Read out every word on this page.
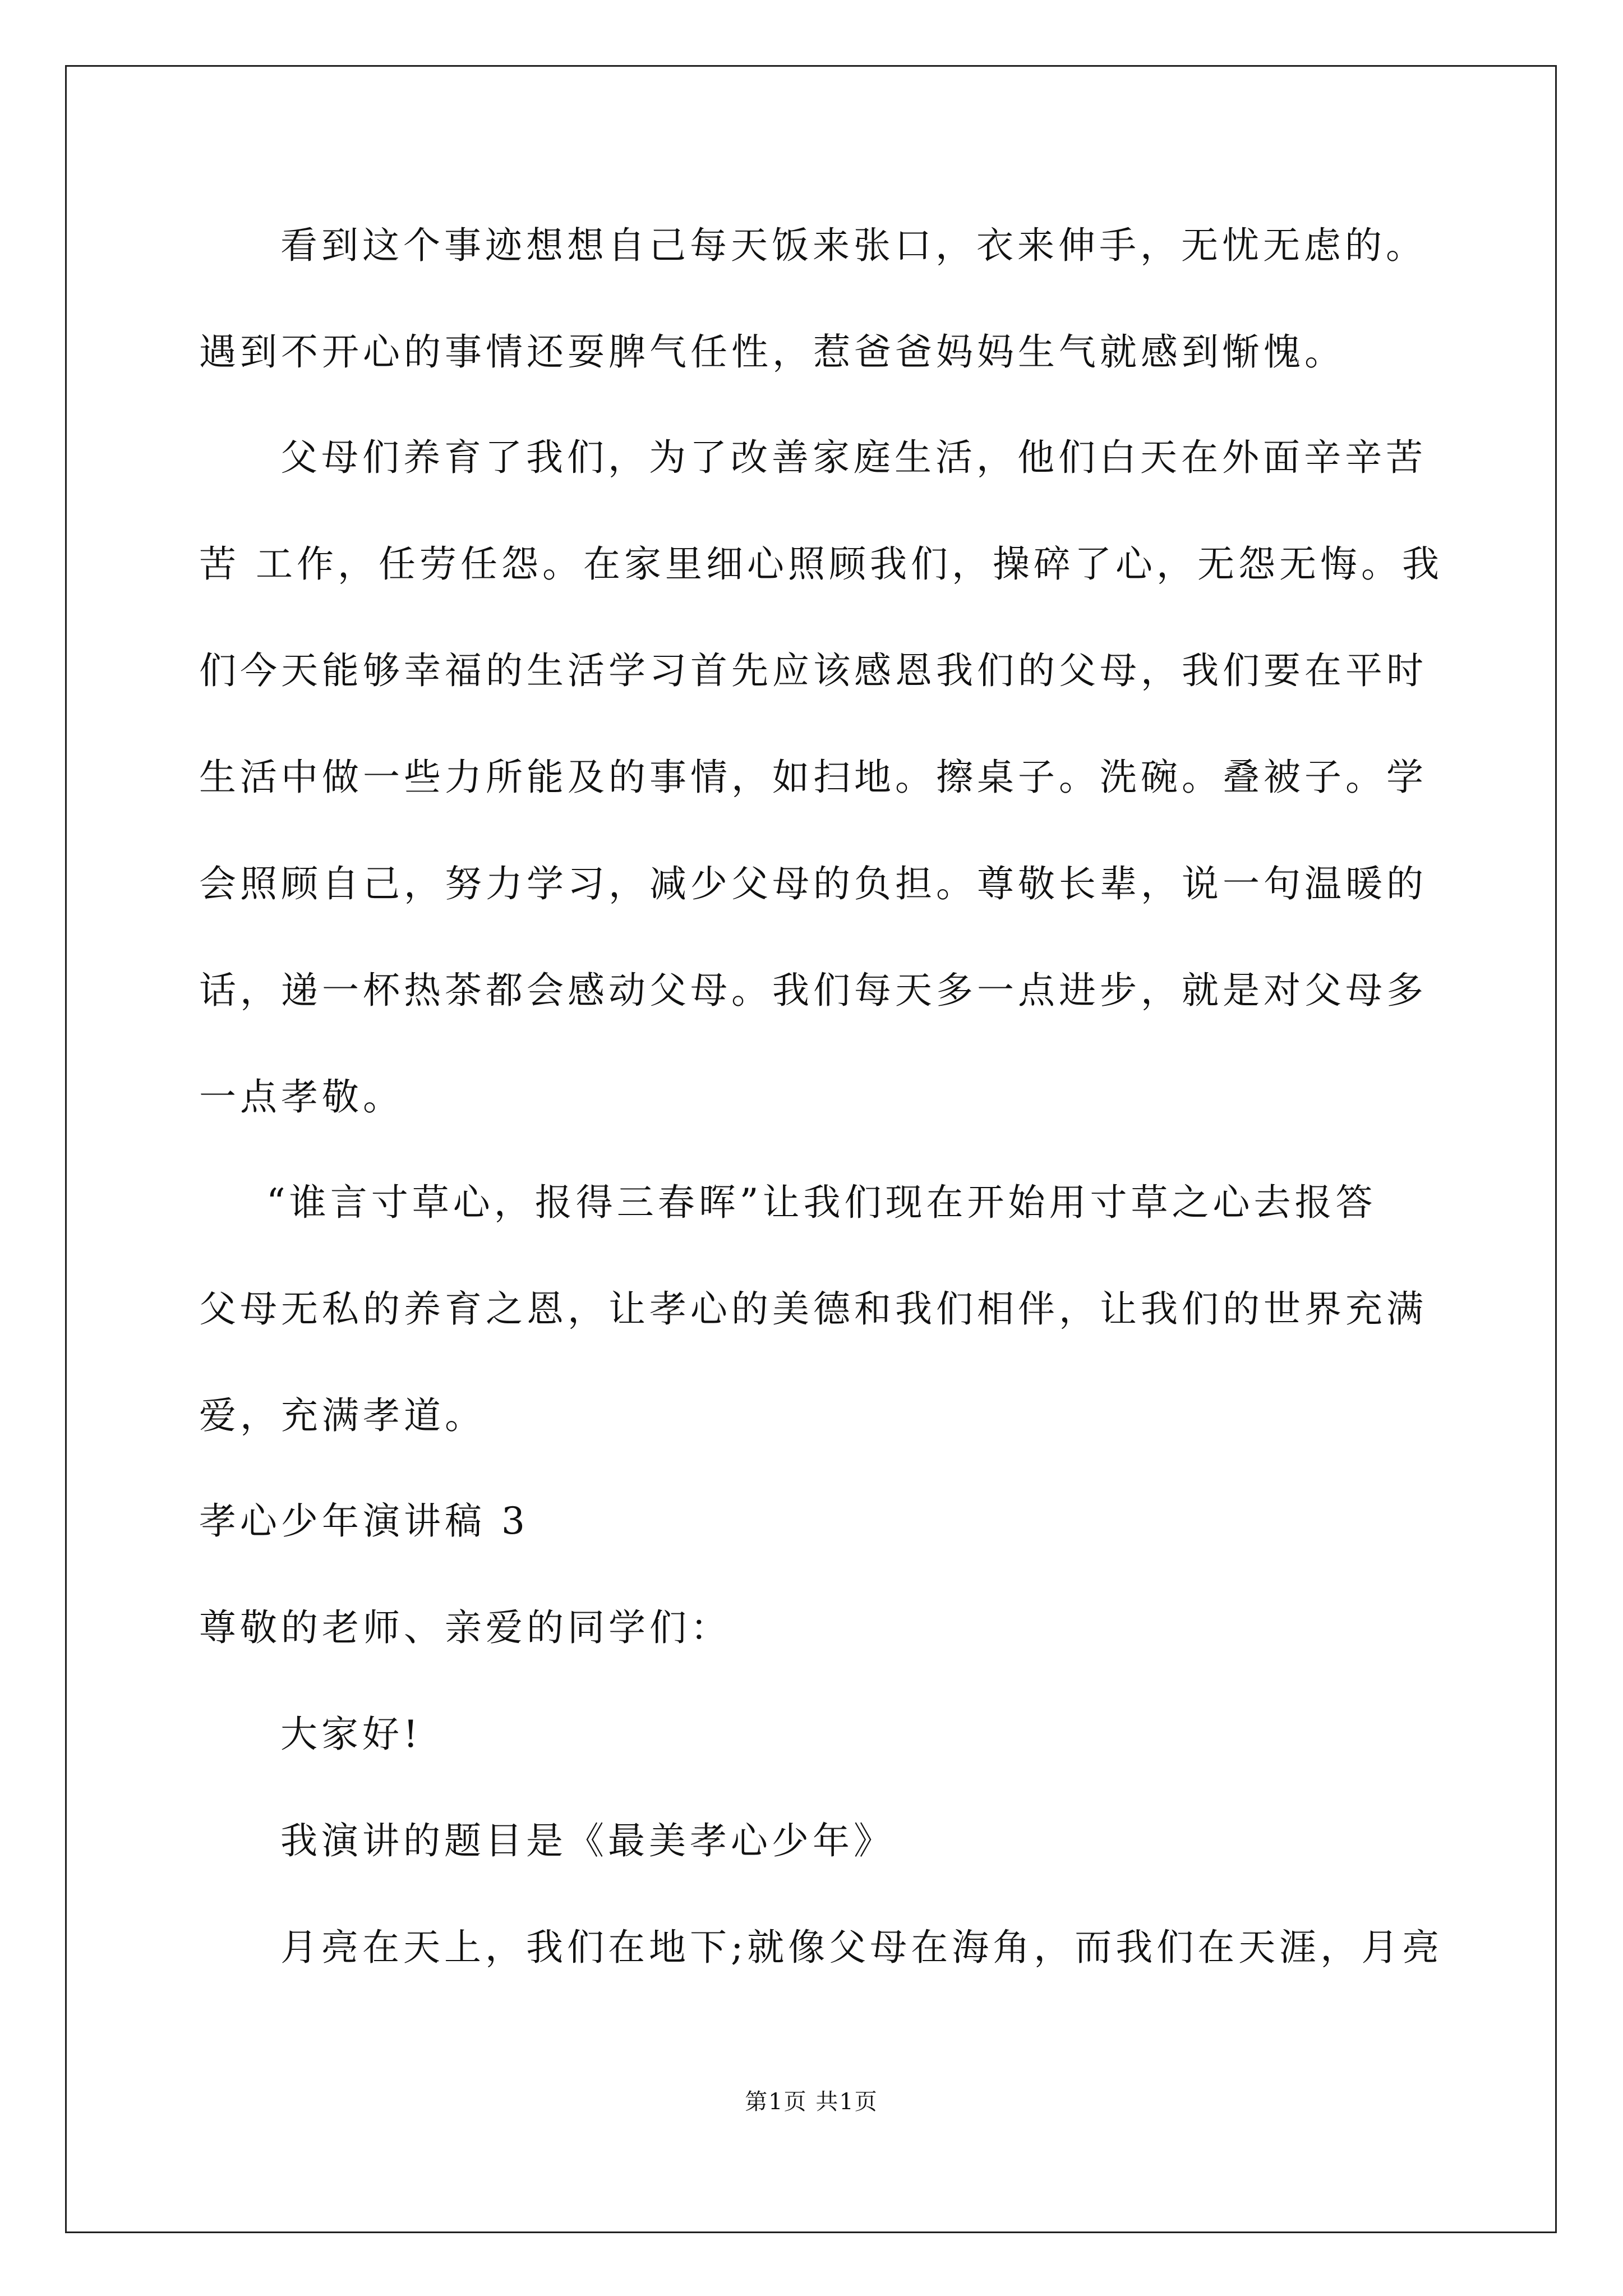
看到这个事迹想想自己每天饭来张口，衣来伸手，无忧无虑的。
遇到不开心的事情还耍脾气任性，惹爸爸妈妈生气就感到惭愧。
父母们养育了我们，为了改善家庭生活，他们白天在外面辛辛苦
苦 工作，任劳任怨。在家里细心照顾我们，操碎了心，无怨无悔。我
们今天能够幸福的生活学习首先应该感恩我们的父母，我们要在平时
生活中做一些力所能及的事情，如扫地。擦桌子。洗碗。叠被子。学
会照顾自己，努力学习，减少父母的负担。尊敬长辈，说一句温暖的
话，递一杯热茶都会感动父母。我们每天多一点进步，就是对父母多
一点孝敬。
“谁言寸草心，报得三春晖”让我们现在开始用寸草之心去报答
父母无私的养育之恩，让孝心的美德和我们相伴，让我们的世界充满
爱，充满孝道。
孝心少年演讲稿 3
尊敬的老师、亲爱的同学们：
大家好!
我演讲的题目是《最美孝心少年》
月亮在天上，我们在地下;就像父母在海角，而我们在天涯，月亮
第1页 共1页
